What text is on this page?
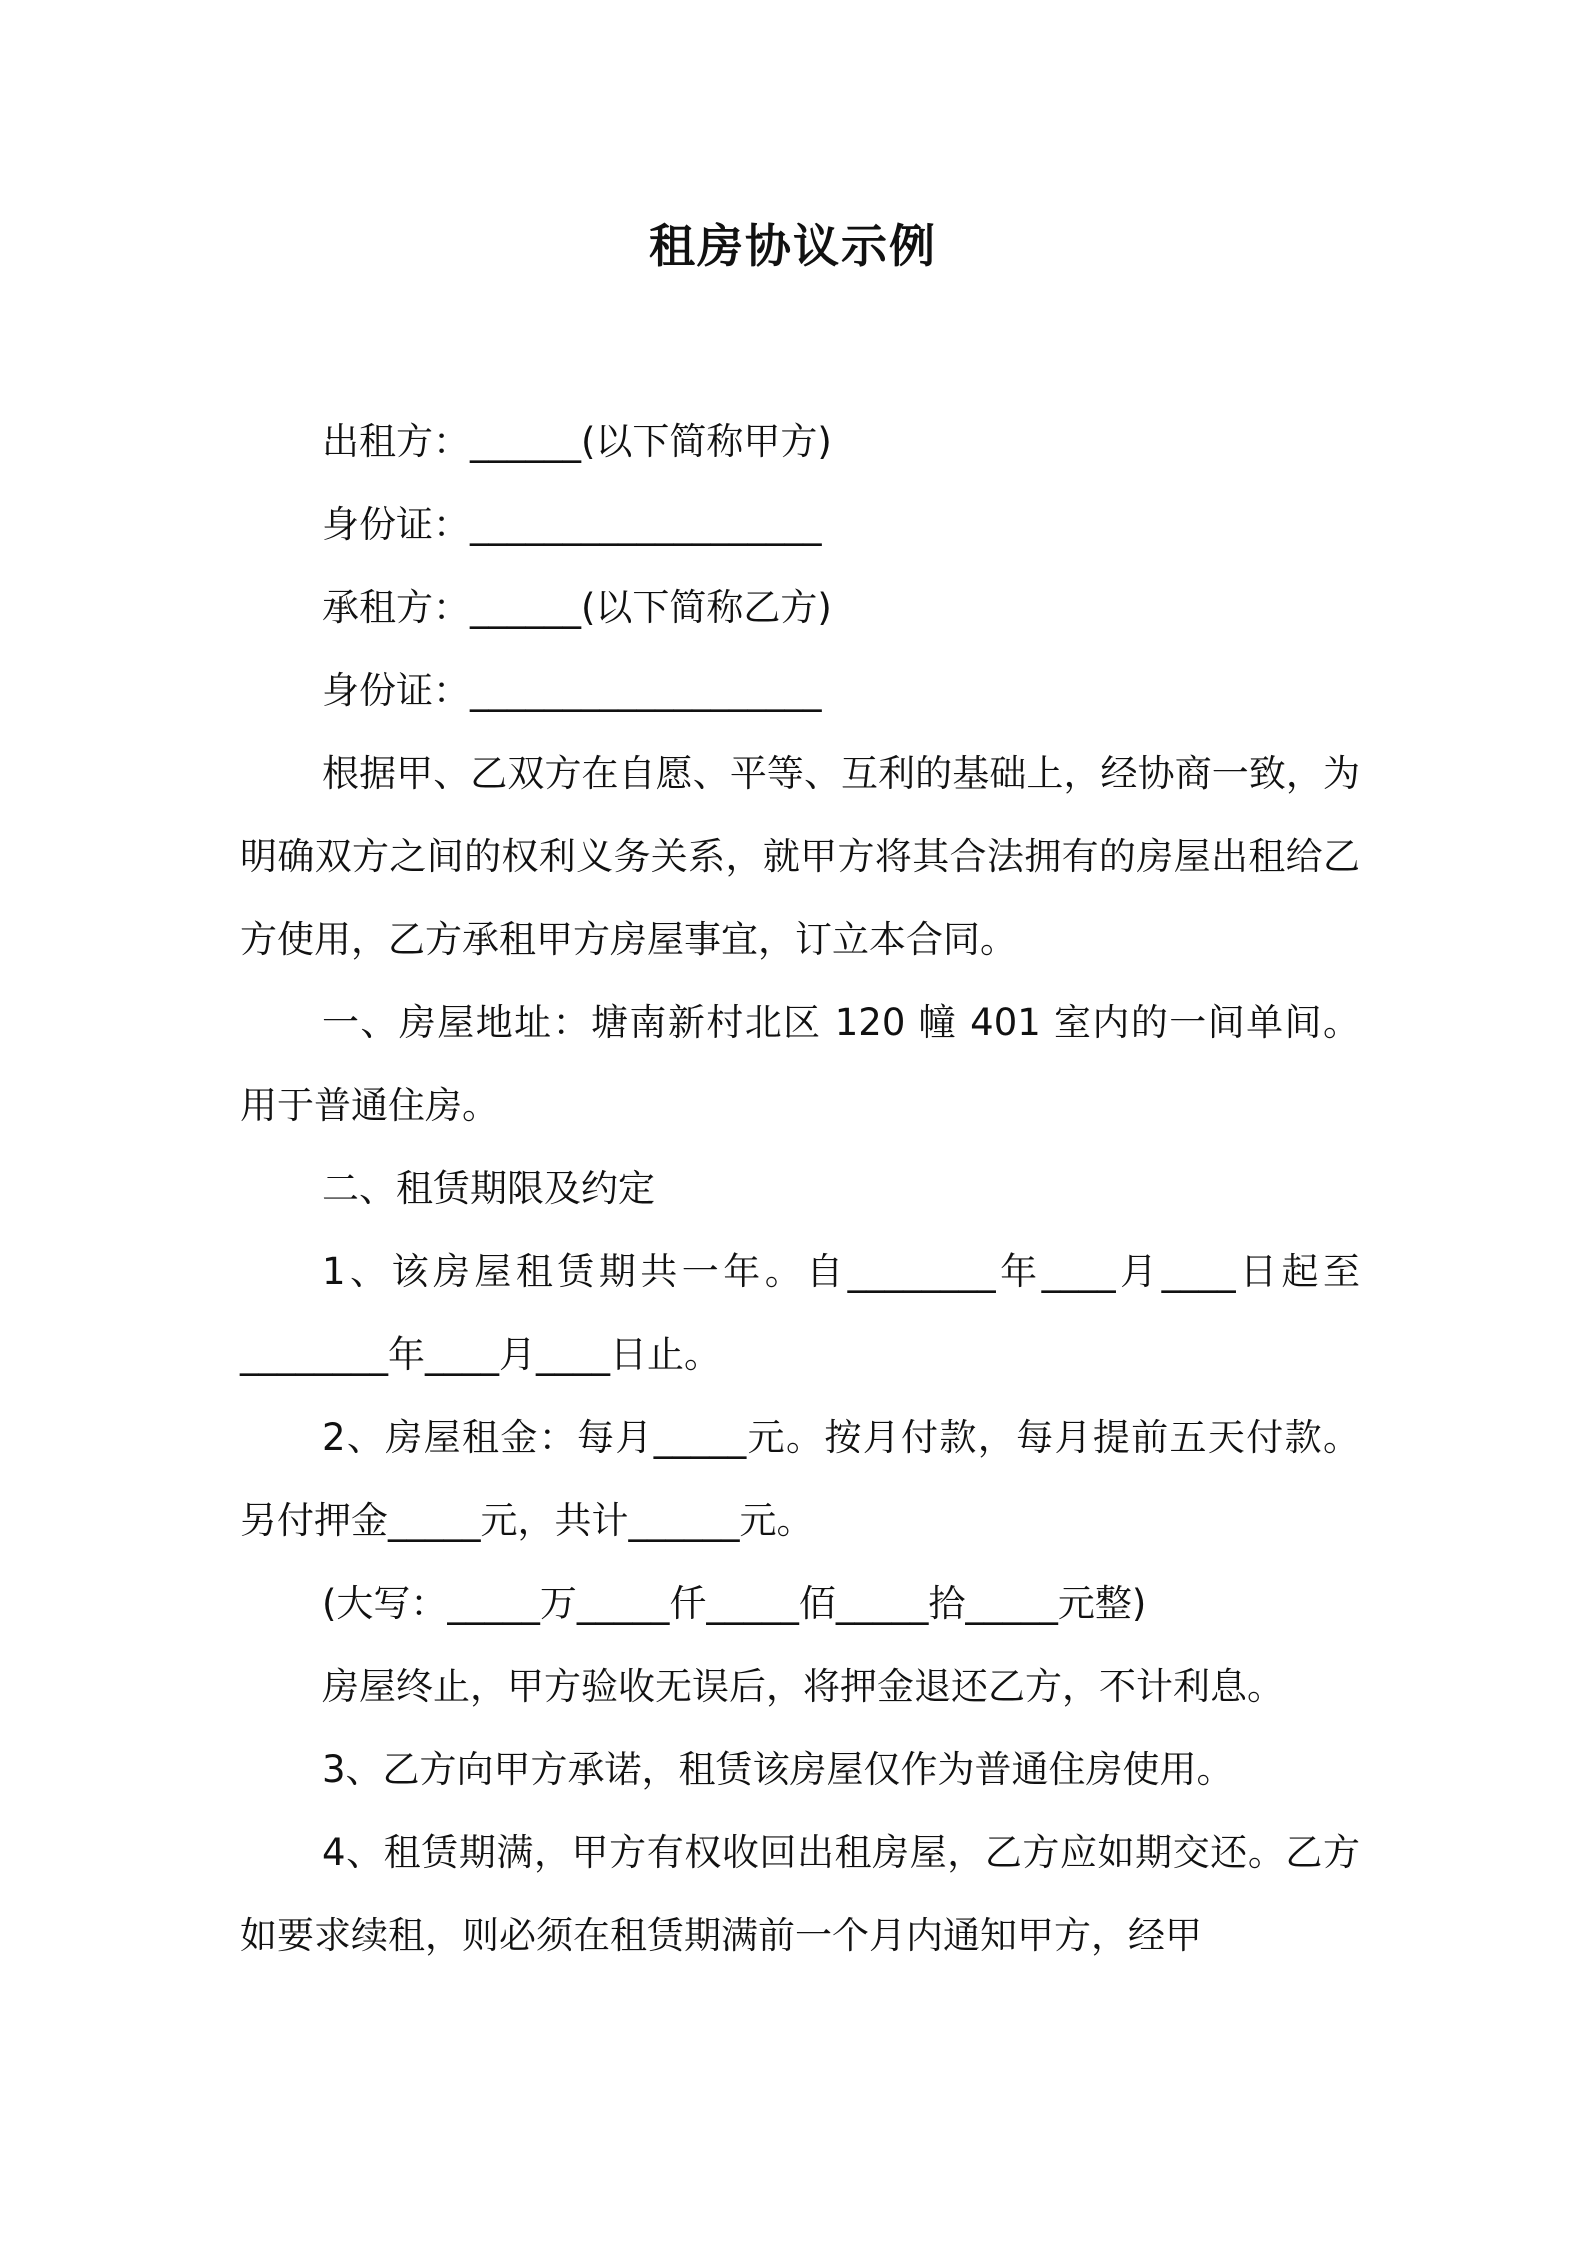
租房协议示例

出租方：______(以下简称甲方)

身份证：___________________

承租方：______(以下简称乙方)

身份证：___________________

根据甲、乙双方在自愿、平等、互利的基础上，经协商一致，为明确双方之间的权利义务关系，就甲方将其合法拥有的房屋出租给乙方使用，乙方承租甲方房屋事宜，订立本合同。

一、房屋地址：塘南新村北区 120 幢 401 室内的一间单间。用于普通住房。

二、租赁期限及约定

1、该房屋租赁期共一年。自________年____月____日起至________年____月____日止。

2、房屋租金：每月_____元。按月付款，每月提前五天付款。另付押金_____元，共计______元。

(大写：_____万_____仟_____佰_____拾_____元整)

房屋终止，甲方验收无误后，将押金退还乙方，不计利息。

3、乙方向甲方承诺，租赁该房屋仅作为普通住房使用。

4、租赁期满，甲方有权收回出租房屋，乙方应如期交还。乙方如要求续租，则必须在租赁期满前一个月内通知甲方，经甲
